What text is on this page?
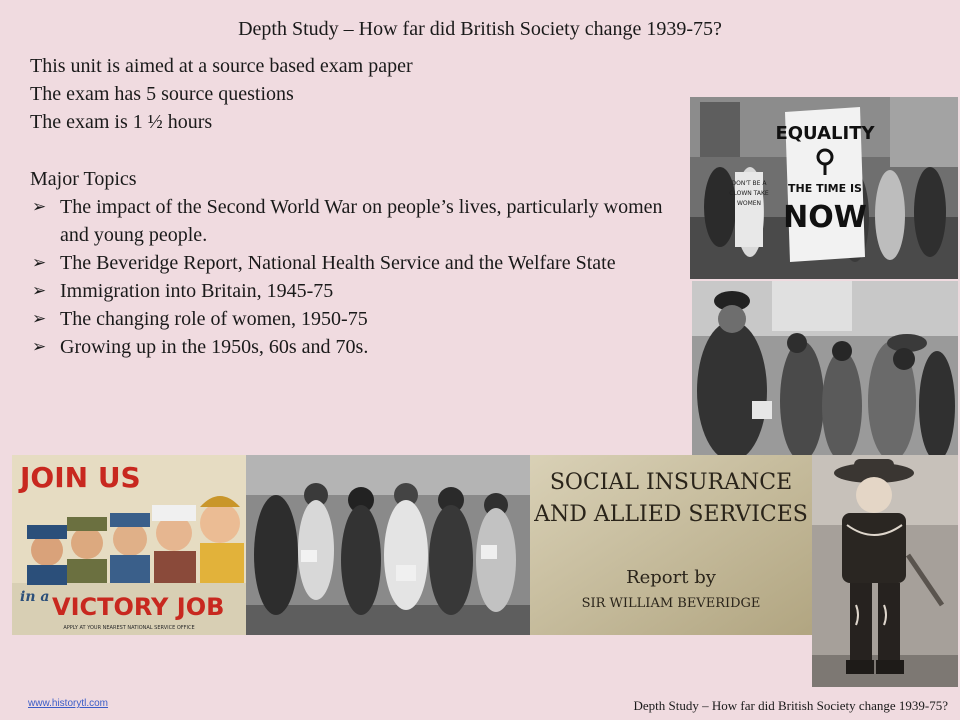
Depth Study – How far did British Society change 1939-75?

This unit is aimed at a source based exam paper

The exam has 5 source questions

The exam is 1 ½ hours

Major Topics
➢ The impact of the Second World War on people’s lives, particularly women and young people.
➢ The Beveridge Report, National Health Service and the Welfare State
➢ Immigration into Britain, 1945-75
➢ The changing role of women, 1950-75
➢ Growing up in the 1950s, 60s and 70s.
DON'T BE A
CLOWN TAKE
WOMEN
EQUALITY
THE TIME IS
NOW
JOIN US
in a VICTORY JOB
APPLY AT YOUR NEAREST NATIONAL SERVICE OFFICE
SOCIAL INSURANCE
AND ALLIED SERVICES
Report by
SIR WILLIAM BEVERIDGE
www.historytl.com	Depth Study – How far did British Society change 1939-75?
